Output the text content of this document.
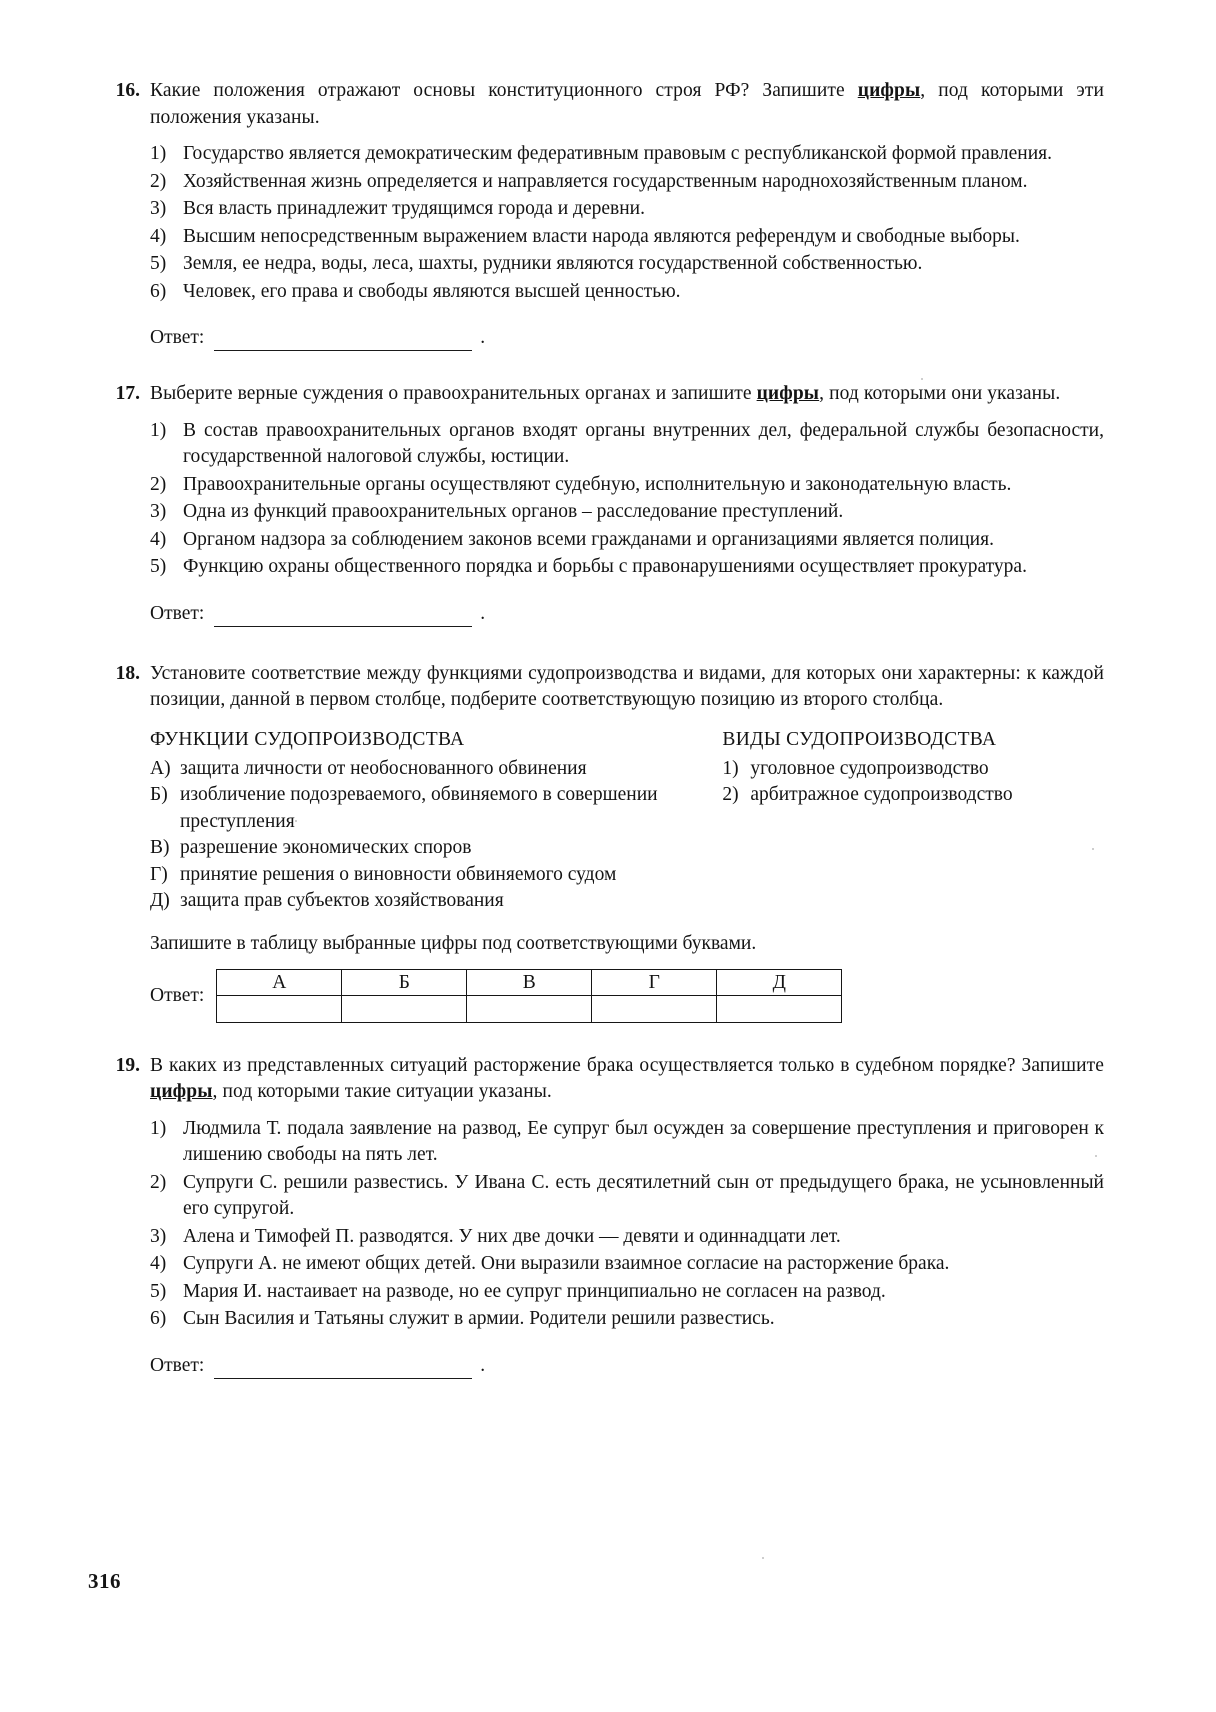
16. Какие положения отражают основы конституционного строя РФ? Запишите цифры, под которыми эти положения указаны.
1) Государство является демократическим федеративным правовым с республиканской формой правления.
2) Хозяйственная жизнь определяется и направляется государственным народнохозяйственным планом.
3) Вся власть принадлежит трудящимся города и деревни.
4) Высшим непосредственным выражением власти народа являются референдум и свободные выборы.
5) Земля, ее недра, воды, леса, шахты, рудники являются государственной собственностью.
6) Человек, его права и свободы являются высшей ценностью.
Ответ:	.
17. Выберите верные суждения о правоохранительных органах и запишите цифры, под которыми они указаны.
1) В состав правоохранительных органов входят органы внутренних дел, федеральной службы безопасности, государственной налоговой службы, юстиции.
2) Правоохранительные органы осуществляют судебную, исполнительную и законодательную власть.
3) Одна из функций правоохранительных органов – расследование преступлений.
4) Органом надзора за соблюдением законов всеми гражданами и организациями является полиция.
5) Функцию охраны общественного порядка и борьбы с правонарушениями осуществляет прокуратура.
Ответ:	.
18. Установите соответствие между функциями судопроизводства и видами, для которых они характерны: к каждой позиции, данной в первом столбце, подберите соответствующую позицию из второго столбца.
ФУНКЦИИ СУДОПРОИЗВОДСТВА
А) защита личности от необоснованного обвинения
Б) изобличение подозреваемого, обвиняемого в совершении преступления
В) разрешение экономических споров
Г) принятие решения о виновности обвиняемого судом
Д) защита прав субъектов хозяйствования
ВИДЫ СУДОПРОИЗВОДСТВА
1) уголовное судопроизводство
2) арбитражное судопроизводство
Запишите в таблицу выбранные цифры под соответствующими буквами.
Ответ:
А	Б	В	Г	Д

19. В каких из представленных ситуаций расторжение брака осуществляется только в судебном порядке? Запишите цифры, под которыми такие ситуации указаны.
1) Людмила Т. подала заявление на развод, Ее супруг был осужден за совершение преступления и приговорен к лишению свободы на пять лет.
2) Супруги С. решили развестись. У Ивана С. есть десятилетний сын от предыдущего брака, не усыновленный его супругой.
3) Алена и Тимофей П. разводятся. У них две дочки — девяти и одиннадцати лет.
4) Супруги А. не имеют общих детей. Они выразили взаимное согласие на расторжение брака.
5) Мария И. настаивает на разводе, но ее супруг принципиально не согласен на развод.
6) Сын Василия и Татьяны служит в армии. Родители решили развестись.
Ответ:	.
316
